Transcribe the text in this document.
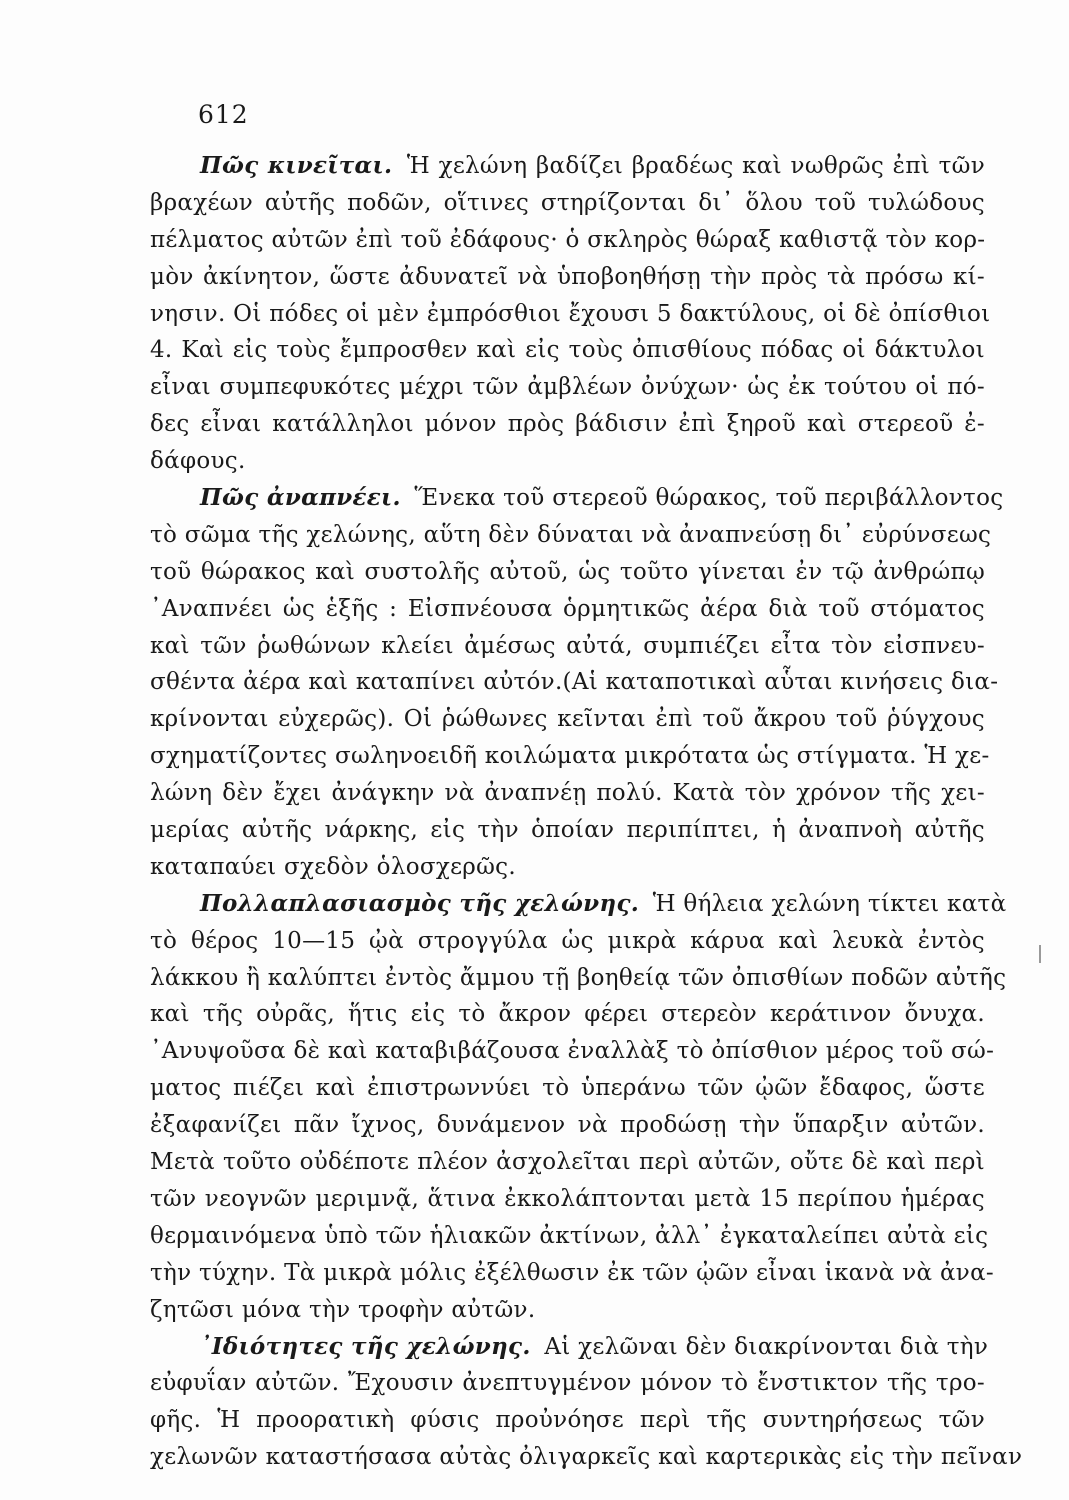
612
Πῶς κινεῖται. Ἡ χελώνη βαδίζει βραδέως καὶ νωθρῶς ἐπὶ τῶν
βραχέων αὐτῆς ποδῶν, οἵτινες στηρίζονται δι᾿ ὅλου τοῦ τυλώδους
πέλματος αὐτῶν ἐπὶ τοῦ ἐδάφους· ὁ σκληρὸς θώραξ καθιστᾷ τὸν κορ-
μὸν ἀκίνητον, ὥστε ἀδυνατεῖ νὰ ὑποβοηθήσῃ τὴν πρὸς τὰ πρόσω κί-
νησιν. Οἱ πόδες οἱ μὲν ἐμπρόσθιοι ἔχουσι 5 δακτύλους, οἱ δὲ ὀπίσθιοι
4. Καὶ εἰς τοὺς ἔμπροσθεν καὶ εἰς τοὺς ὀπισθίους πόδας οἱ δάκτυλοι
εἶναι συμπεφυκότες μέχρι τῶν ἀμβλέων ὀνύχων· ὡς ἐκ τούτου οἱ πό-
δες εἶναι κατάλληλοι μόνον πρὸς βάδισιν ἐπὶ ξηροῦ καὶ στερεοῦ ἐ-
δάφους.
Πῶς ἀναπνέει. Ἕνεκα τοῦ στερεοῦ θώρακος, τοῦ περιβάλλοντος
τὸ σῶμα τῆς χελώνης, αὕτη δὲν δύναται νὰ ἀναπνεύσῃ δι᾿ εὐρύνσεως
τοῦ θώρακος καὶ συστολῆς αὐτοῦ, ὡς τοῦτο γίνεται ἐν τῷ ἀνθρώπῳ
᾿Αναπνέει ὡς ἑξῆς : Εἰσπνέουσα ὁρμητικῶς ἀέρα διὰ τοῦ στόματος
καὶ τῶν ῥωθώνων κλείει ἀμέσως αὐτά, συμπιέζει εἶτα τὸν εἰσπνευ-
σθέντα ἀέρα καὶ καταπίνει αὐτόν.(Αἱ καταποτικαὶ αὗται κινήσεις δια-
κρίνονται εὐχερῶς). Οἱ ῥώθωνες κεῖνται ἐπὶ τοῦ ἄκρου τοῦ ῥύγχους
σχηματίζοντες σωληνοειδῆ κοιλώματα μικρότατα ὡς στίγματα. Ἡ χε-
λώνη δὲν ἔχει ἀνάγκην νὰ ἀναπνέῃ πολύ. Κατὰ τὸν χρόνον τῆς χει-
μερίας αὐτῆς νάρκης, εἰς τὴν ὁποίαν περιπίπτει, ἡ ἀναπνοὴ αὐτῆς
καταπαύει σχεδὸν ὁλοσχερῶς.
Πολλαπλασιασμὸς τῆς χελώνης. Ἡ θήλεια χελώνη τίκτει κατὰ
τὸ θέρος 10—15 ᾠὰ στρογγύλα ὡς μικρὰ κάρυα καὶ λευκὰ ἐντὸς
λάκκου ἢ καλύπτει ἐντὸς ἄμμου τῇ βοηθείᾳ τῶν ὀπισθίων ποδῶν αὐτῆς
καὶ τῆς οὐρᾶς, ἥτις εἰς τὸ ἄκρον φέρει στερεὸν κεράτινον ὄνυχα.
᾿Ανυψοῦσα δὲ καὶ καταβιβάζουσα ἐναλλὰξ τὸ ὀπίσθιον μέρος τοῦ σώ-
ματος πιέζει καὶ ἐπιστρωννύει τὸ ὑπεράνω τῶν ᾠῶν ἔδαφος, ὥστε
ἐξαφανίζει πᾶν ἴχνος, δυνάμενον νὰ προδώσῃ τὴν ὕπαρξιν αὐτῶν.
Μετὰ τοῦτο οὐδέποτε πλέον ἀσχολεῖται περὶ αὐτῶν, οὔτε δὲ καὶ περὶ
τῶν νεογνῶν μεριμνᾷ, ἅτινα ἐκκολάπτονται μετὰ 15 περίπου ἡμέρας
θερμαινόμενα ὑπὸ τῶν ἡλιακῶν ἀκτίνων, ἀλλ᾿ ἐγκαταλείπει αὐτὰ εἰς
τὴν τύχην. Τὰ μικρὰ μόλις ἐξέλθωσιν ἐκ τῶν ᾠῶν εἶναι ἱκανὰ νὰ ἀνα-
ζητῶσι μόνα τὴν τροφὴν αὐτῶν.
᾿Ιδιότητες τῆς χελώνης. Αἱ χελῶναι δὲν διακρίνονται διὰ τὴν
εὐφυΐαν αὐτῶν. Ἔχουσιν ἀνεπτυγμένον μόνον τὸ ἔνστικτον τῆς τρο-
φῆς. Ἡ προορατικὴ φύσις προὐνόησε περὶ τῆς συντηρήσεως τῶν
χελωνῶν καταστήσασα αὐτὰς ὀλιγαρκεῖς καὶ καρτερικὰς εἰς τὴν πεῖναν
